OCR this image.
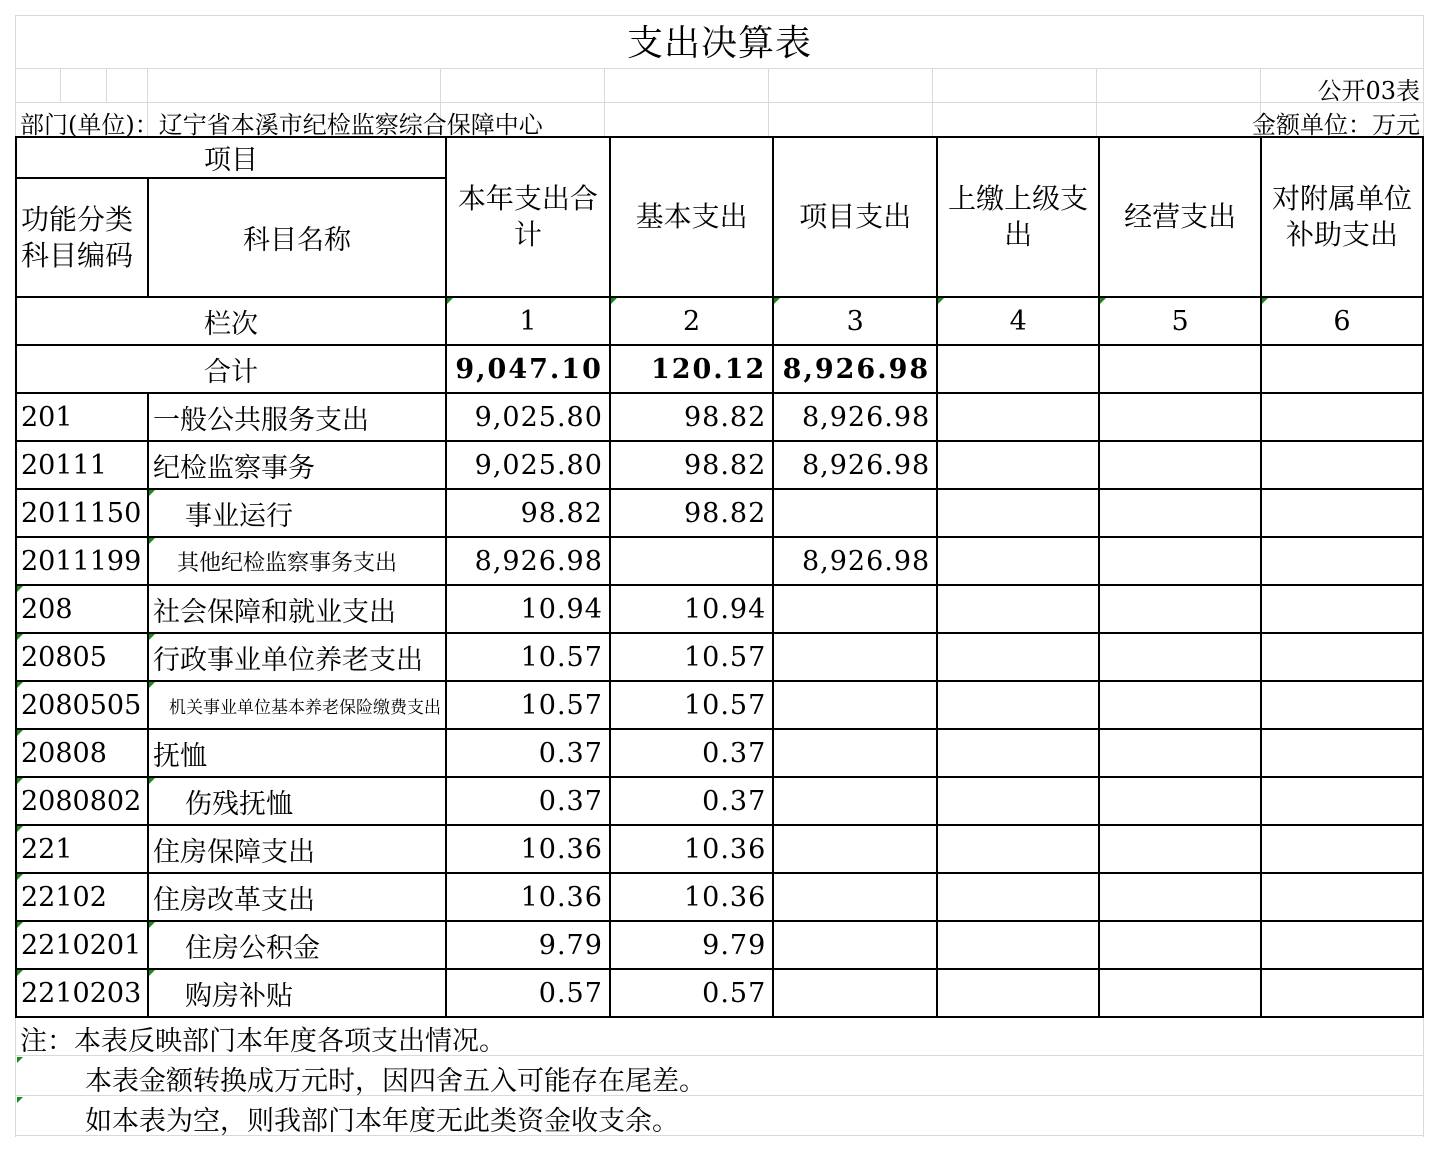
支出决算表
公开03表
部门(单位)：辽宁省本溪市纪检监察综合保障中心	金额单位：万元
项目		本年支出合计	基本支出	项目支出	上缴上级支出	经营支出	对附属单位补助支出
功能分类科目编码	科目名称						
栏次		1	2	3	4	5	6

合计		9,047.10	120.12	8,926.98			
201	一般公共服务支出	9,025.80	98.82	8,926.98			
20111	纪检监察事务	9,025.80	98.82	8,926.98			
2011150	事业运行	98.82	98.82				
2011199	其他纪检监察事务支出	8,926.98		8,926.98			
208	社会保障和就业支出	10.94	10.94				
20805	行政事业单位养老支出	10.57	10.57				
2080505	机关事业单位基本养老保险缴费支出	10.57	10.57				
20808	抚恤	0.37	0.37				
2080802	伤残抚恤	0.37	0.37				
221	住房保障支出	10.36	10.36				
22102	住房改革支出	10.36	10.36				
2210201	住房公积金	9.79	9.79				
2210203	购房补贴	0.57	0.57				
注：本表反映部门本年度各项支出情况。
本表金额转换成万元时，因四舍五入可能存在尾差。
如本表为空，则我部门本年度无此类资金收支余。
